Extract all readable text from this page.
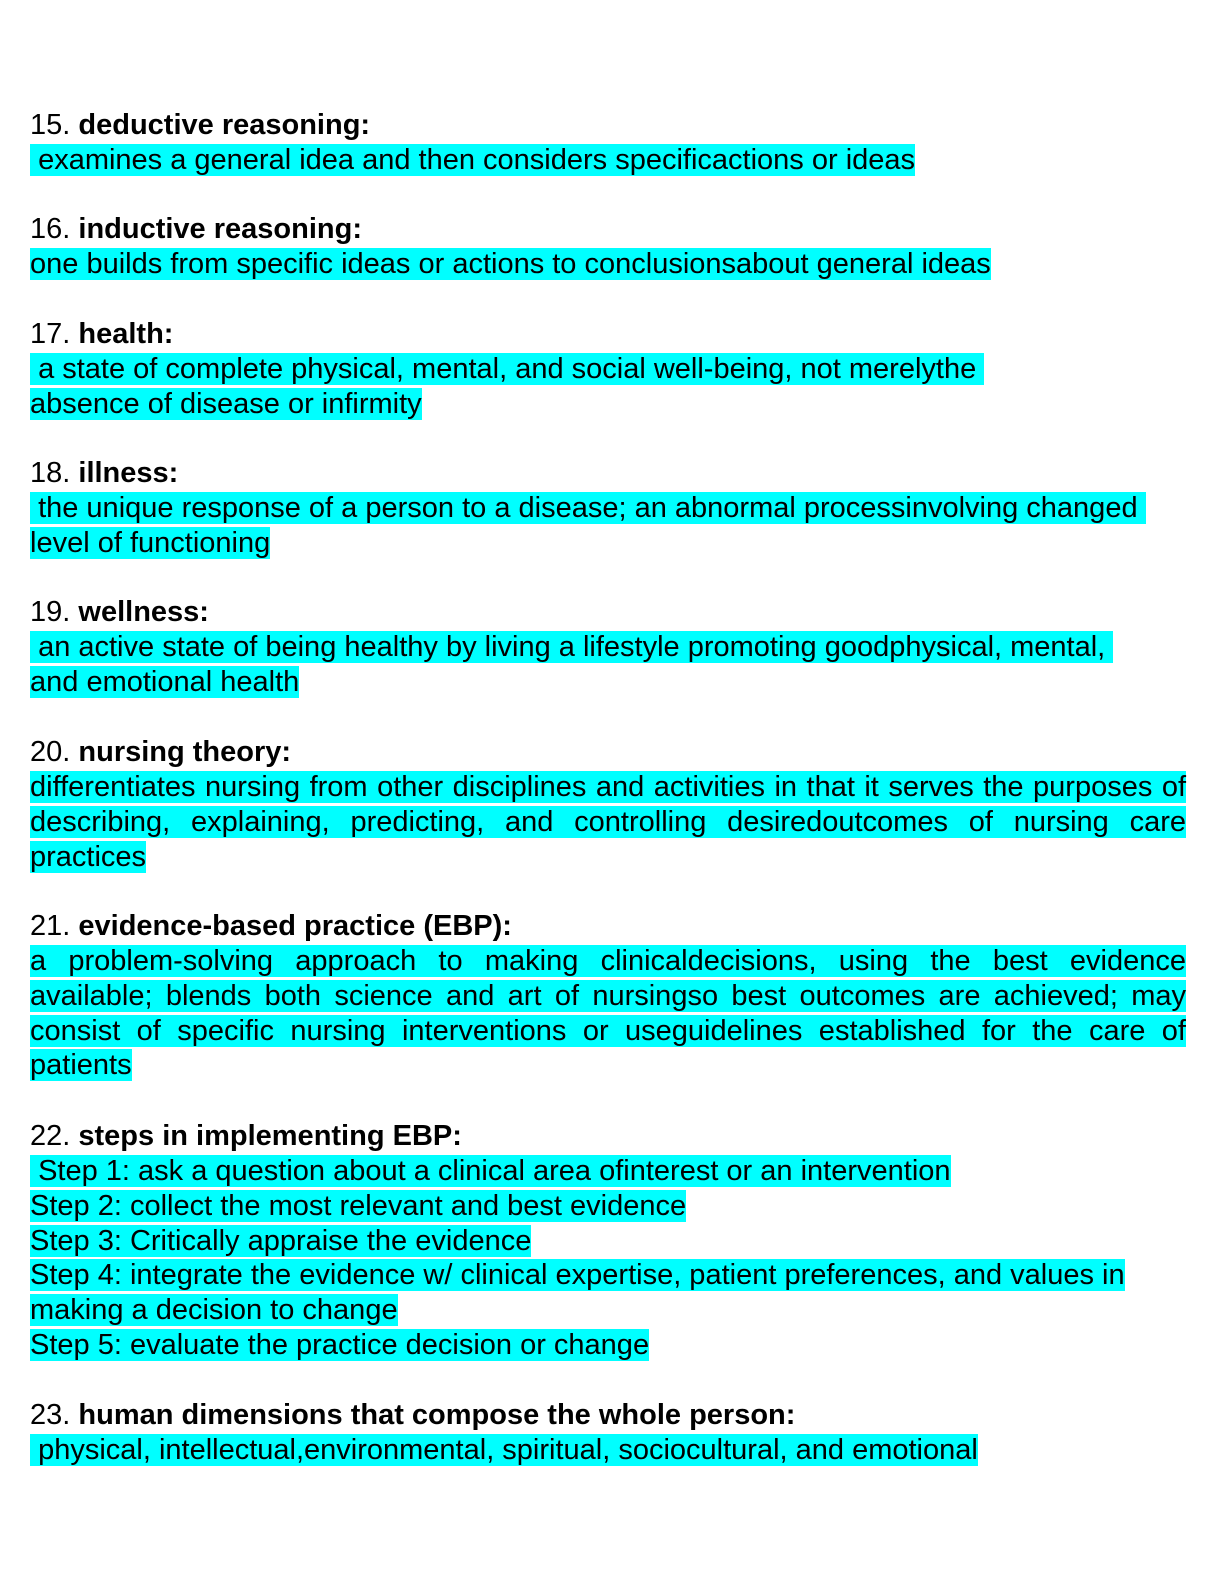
15. deductive reasoning:
examines a general idea and then considers specificactions or ideas
16. inductive reasoning:
one builds from specific ideas or actions to conclusionsabout general ideas
17. health:
a state of complete physical, mental, and social well-being, not merelythe absence of disease or infirmity
18. illness:
the unique response of a person to a disease; an abnormal processinvolving changed level of functioning
19. wellness:
an active state of being healthy by living a lifestyle promoting goodphysical, mental, and emotional health
20. nursing theory:
differentiates nursing from other disciplines and activities in that it serves the purposes of describing, explaining, predicting, and controlling desiredoutcomes of nursing care practices
21. evidence-based practice (EBP):
a problem-solving approach to making clinicaldecisions, using the best evidence available; blends both science and art of nursingso best outcomes are achieved; may consist of specific nursing interventions or useguidelines established for the care of patients
22. steps in implementing EBP:
Step 1: ask a question about a clinical area ofinterest or an intervention
Step 2: collect the most relevant and best evidence
Step 3: Critically appraise the evidence
Step 4: integrate the evidence w/ clinical expertise, patient preferences, and values in making a decision to change
Step 5: evaluate the practice decision or change
23. human dimensions that compose the whole person:
physical, intellectual,environmental, spiritual, sociocultural, and emotional
